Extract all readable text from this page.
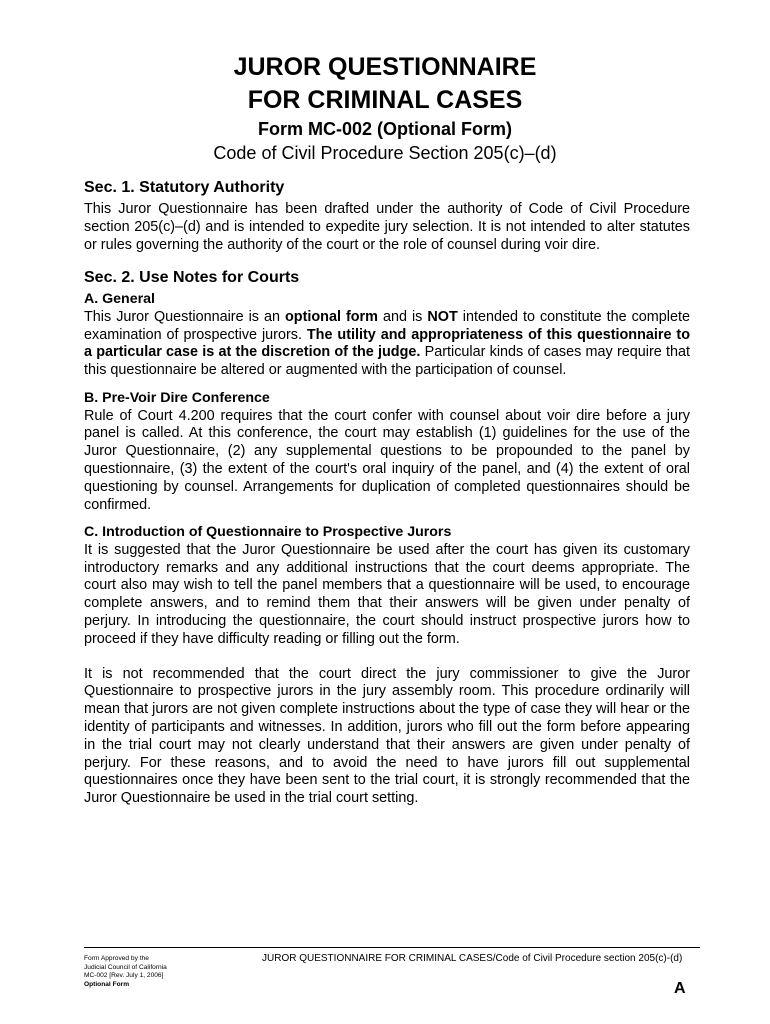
JUROR QUESTIONNAIRE
FOR CRIMINAL CASES
Form MC-002 (Optional Form)
Code of Civil Procedure Section 205(c)–(d)
Sec. 1. Statutory Authority

This Juror Questionnaire has been drafted under the authority of Code of Civil Procedure section 205(c)–(d) and is intended to expedite jury selection. It is not intended to alter statutes or rules governing the authority of the court or the role of counsel during voir dire.

Sec. 2. Use Notes for Courts
A. General

This Juror Questionnaire is an optional form and is NOT intended to constitute the complete examination of prospective jurors. The utility and appropriateness of this questionnaire to a particular case is at the discretion of the judge. Particular kinds of cases may require that this questionnaire be altered or augmented with the participation of counsel.

B. Pre-Voir Dire Conference

Rule of Court 4.200 requires that the court confer with counsel about voir dire before a jury panel is called. At this conference, the court may establish (1) guidelines for the use of the Juror Questionnaire, (2) any supplemental questions to be propounded to the panel by questionnaire, (3) the extent of the court's oral inquiry of the panel, and (4) the extent of oral questioning by counsel. Arrangements for duplication of completed questionnaires should be confirmed.

C. Introduction of Questionnaire to Prospective Jurors

It is suggested that the Juror Questionnaire be used after the court has given its customary introductory remarks and any additional instructions that the court deems appropriate. The court also may wish to tell the panel members that a questionnaire will be used, to encourage complete answers, and to remind them that their answers will be given under penalty of perjury. In introducing the questionnaire, the court should instruct prospective jurors how to proceed if they have difficulty reading or filling out the form.

It is not recommended that the court direct the jury commissioner to give the Juror Questionnaire to prospective jurors in the jury assembly room. This procedure ordinarily will mean that jurors are not given complete instructions about the type of case they will hear or the identity of participants and witnesses. In addition, jurors who fill out the form before appearing in the trial court may not clearly understand that their answers are given under penalty of perjury. For these reasons, and to avoid the need to have jurors fill out supplemental questionnaires once they have been sent to the trial court, it is strongly recommended that the Juror Questionnaire be used in the trial court setting.

Form Approved by the
Judicial Council of California
MC-002 [Rev. July 1, 2006]
Optional Form
JUROR QUESTIONNAIRE FOR CRIMINAL CASES/Code of Civil Procedure section 205(c)-(d)
A
